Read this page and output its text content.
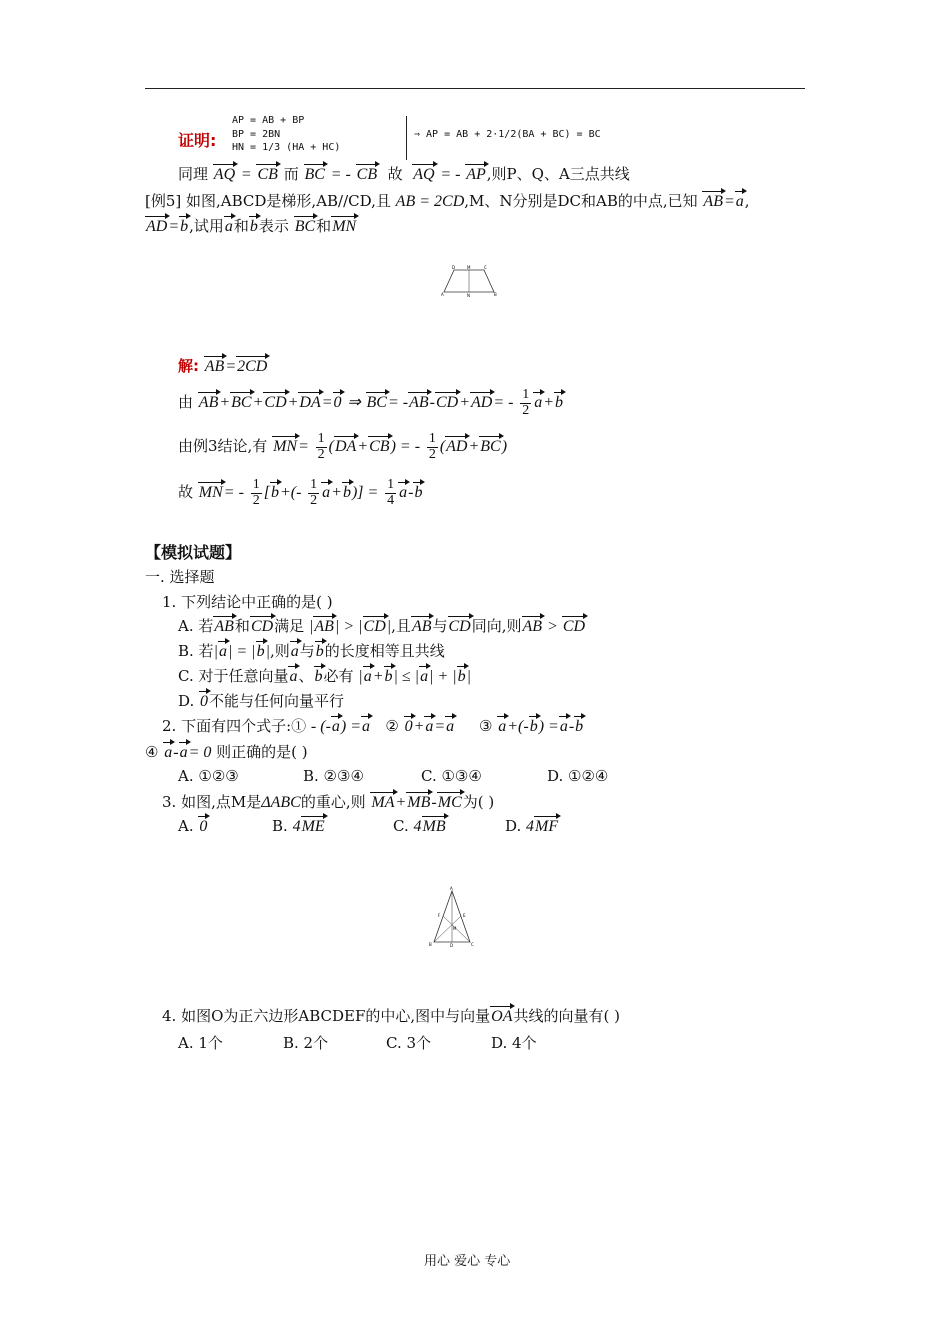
证明:
AP = AB + BP
BP = 2BN
HN = 1/3 (HA + HC)
⇒ AP = AB + 2·1/2(BA + BC) = BC
同理 AQ = CB 而 BC = - CB 故 AQ = - AP,则P、Q、A三点共线
[例5] 如图,ABCD是梯形,AB//CD,且 AB = 2CD,M、N分别是DC和AB的中点,已知 AB=a,
AD=b,试用a和b表示 BC和MN
D	M	C
A	N	B
解: AB=2CD
由 AB+BC+CD+DA=0 ⇒ $BC= -AB-CD+AD= - \frac{1}{2} a+b$
由例3结论,有 $MN= \frac{1}{2} (DA+CB)$ = - $\frac{1}{2} (AD+BC)$
故 $MN= - \frac{1}{2} [b+(- \frac{1}{2} a+b)] = \frac{1}{4} a-b$
【模拟试题】
一. 选择题
1. 下列结论中正确的是( )
A. 若AB和CD满足 |AB| > |CD|,且AB与CD同向,则AB > CD
B. 若|a| = |b|,则a与b的长度相等且共线
C. 对于任意向量a、b必有 |a+b| ≤ |a| + |b|
D. 0不能与任何向量平行
2. 下面有四个式子:① - (-a) =a ② 0+a=a ③ a+(-b) =a-b
④ a-a= 0 则正确的是( )
A. ①②③	B. ②③④	C. ①③④	D. ①②④
3. 如图,点M是ΔABC的重心,则 MA+MB-MC为( )
A. 0	B. 4ME	C. 4MB	D. 4MF
A
F	E
M
B	D	C
4. 如图O为正六边形ABCDEF的中心,图中与向量OA共线的向量有( )
A. 1个	B. 2个	C. 3个	D. 4个
用心 爱心 专心
